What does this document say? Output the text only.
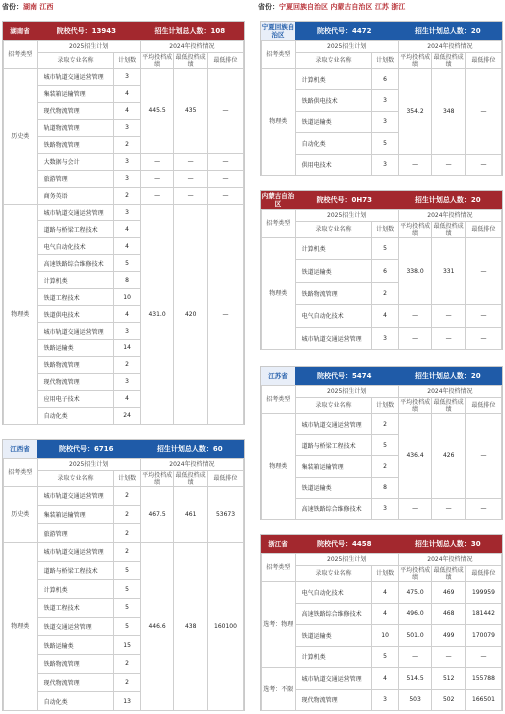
省份：湖南 江西	省份：宁夏回族自治区 内蒙古自治区 江苏 浙江
湖南省	院校代号：13943	招生计划总人数：108
招考类型	2025招生计划		2024年投档情况		
	录取专业名称	计划数	平均投档成绩	最低投档成绩	最低排位
历史类	城市轨道交通运营管理	3	445.5	435	—
	集装箱运输管理	4			
	现代物流管理	4			
	轨道物流管理	3			
	铁路物流管理	2			
	大数据与会计	3	—	—	—
	旅游管理	3	—	—	—
	商务英语	2	—	—	—
物理类	城市轨道交通运营管理	3	431.0	420	—
	道路与桥梁工程技术	4			
	电气自动化技术	4			
	高速铁路综合维修技术	5			
	计算机类	8			
	铁道工程技术	10			
	铁道供电技术	4			
	城市轨道交通运营管理	3			
	铁路运输类	14			
	铁路物流管理	2			
	现代物流管理	3			
	应用电子技术	4			
	自动化类	24			
江西省	院校代号：6716	招生计划总人数：60
招考类型	2025招生计划		2024年投档情况		
	录取专业名称	计划数	平均投档成绩	最低投档成绩	最低排位
历史类	城市轨道交通运营管理	2	467.5	461	53673
	集装箱运输管理	2			
	旅游管理	2			
物理类	城市轨道交通运营管理	2	446.6	438	160100
	道路与桥梁工程技术	5			
	计算机类	5			
	铁道工程技术	5			
	铁道交通运营管理	5			
	铁路运输类	15			
	铁路物流管理	2			
	现代物流管理	2			
	自动化类	13			
宁夏回族自治区	院校代号：4472	招生计划总人数：20
招考类型	2025招生计划		2024年投档情况		
	录取专业名称	计划数	平均投档成绩	最低投档成绩	最低排位
物理类	计算机类	6	354.2	348	—
	铁路供电技术	3			
	铁道运输类	3			
	自动化类	5			
	供用电技术	3	—	—	—
内蒙古自治区	院校代号：0H73	招生计划总人数：20
招考类型	2025招生计划		2024年投档情况		
	录取专业名称	计划数	平均投档成绩	最低投档成绩	最低排位
物理类	计算机类	5	338.0	331	—
	铁道运输类	6			
	铁路物流管理	2			
	电气自动化技术	4	—	—	—
	城市轨道交通运营管理	3	—	—	—
江苏省	院校代号：5474	招生计划总人数：20
招考类型	2025招生计划		2024年投档情况		
	录取专业名称	计划数	平均投档成绩	最低投档成绩	最低排位
物理类	城市轨道交通运营管理	2	436.4	426	—
	道路与桥梁工程技术	5			
	集装箱运输管理	2			
	铁道运输类	8			
	高速铁路综合维修技术	3	—	—	—
浙江省	院校代号：4458	招生计划总人数：30
招考类型	2025招生计划		2024年投档情况		
	录取专业名称	计划数	平均投档成绩	最低投档成绩	最低排位
选考：物理	电气自动化技术	4	475.0	469	199959
	高速铁路综合维修技术	4	496.0	468	181442
	铁道运输类	10	501.0	499	170079
	计算机类	5	—	—	—
选考：不限	城市轨道交通运营管理	4	514.5	512	155788
	现代物流管理	3	503	502	166501
